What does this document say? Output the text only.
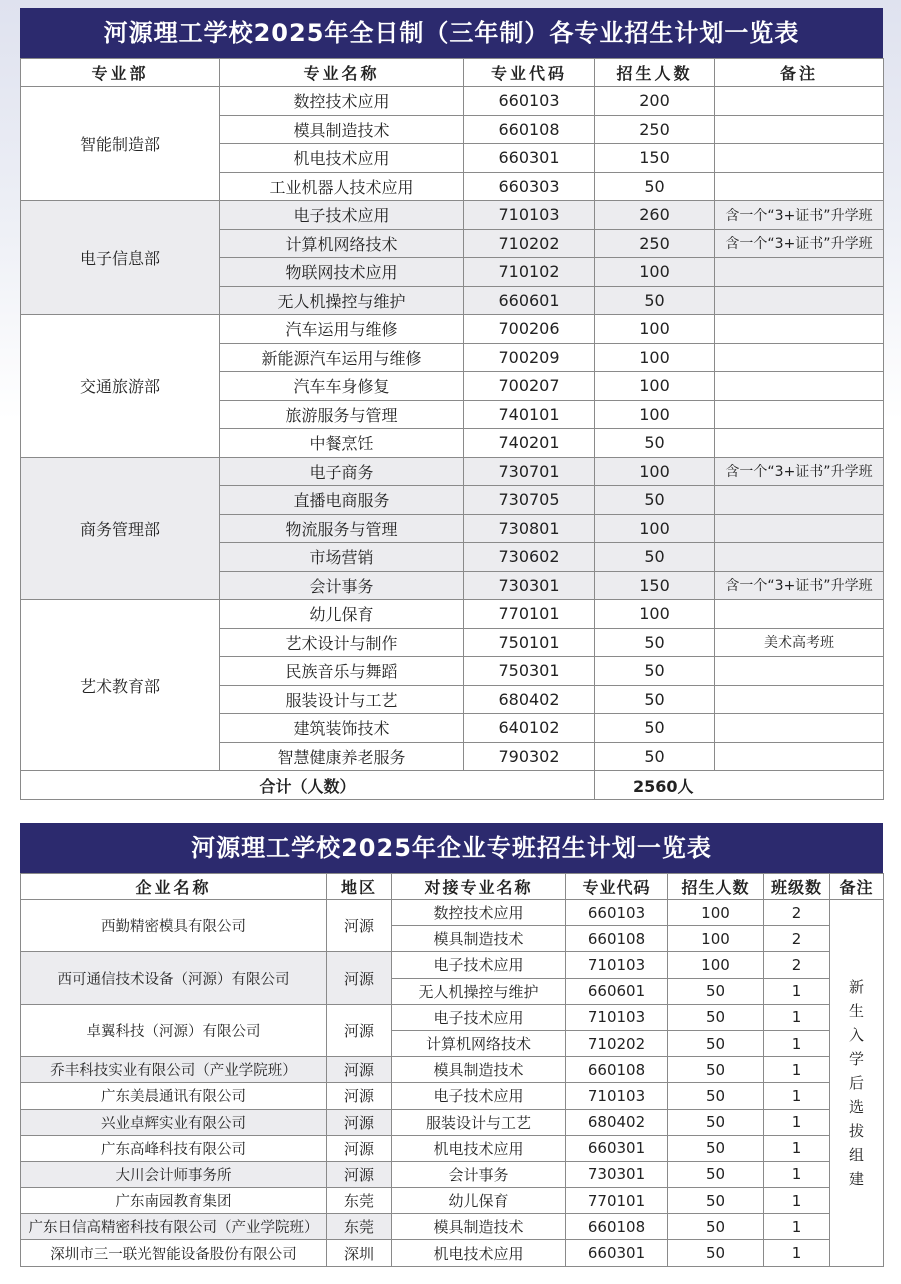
河源理工学校2025年全日制（三年制）各专业招生计划一览表
专业部	专业名称	专业代码	招生人数	备注
智能制造部	数控技术应用	660103	200	
	模具制造技术	660108	250	
	机电技术应用	660301	150	
	工业机器人技术应用	660303	50	
电子信息部	电子技术应用	710103	260	含一个“3+证书”升学班
	计算机网络技术	710202	250	含一个“3+证书”升学班
	物联网技术应用	710102	100	
	无人机操控与维护	660601	50	
交通旅游部	汽车运用与维修	700206	100	
	新能源汽车运用与维修	700209	100	
	汽车车身修复	700207	100	
	旅游服务与管理	740101	100	
	中餐烹饪	740201	50	
商务管理部	电子商务	730701	100	含一个“3+证书”升学班
	直播电商服务	730705	50	
	物流服务与管理	730801	100	
	市场营销	730602	50	
	会计事务	730301	150	含一个“3+证书”升学班
艺术教育部	幼儿保育	770101	100	
	艺术设计与制作	750101	50	美术高考班
	民族音乐与舞蹈	750301	50	
	服装设计与工艺	680402	50	
	建筑装饰技术	640102	50	
	智慧健康养老服务	790302	50	
合计（人数）			2560人	
河源理工学校2025年企业专班招生计划一览表
企业名称	地区	对接专业名称	专业代码	招生人数	班级数	备注
西勤精密模具有限公司	河源	数控技术应用	660103	100	2	新生入学后选拔组建
		模具制造技术	660108	100	2	
西可通信技术设备（河源）有限公司	河源	电子技术应用	710103	100	2	
		无人机操控与维护	660601	50	1	
卓翼科技（河源）有限公司	河源	电子技术应用	710103	50	1	
		计算机网络技术	710202	50	1	
乔丰科技实业有限公司（产业学院班）	河源	模具制造技术	660108	50	1	
广东美晨通讯有限公司	河源	电子技术应用	710103	50	1	
兴业卓辉实业有限公司	河源	服装设计与工艺	680402	50	1	
广东高峰科技有限公司	河源	机电技术应用	660301	50	1	
大川会计师事务所	河源	会计事务	730301	50	1	
广东南园教育集团	东莞	幼儿保育	770101	50	1	
广东日信高精密科技有限公司（产业学院班）	东莞	模具制造技术	660108	50	1	
深圳市三一联光智能设备股份有限公司	深圳	机电技术应用	660301	50	1	
